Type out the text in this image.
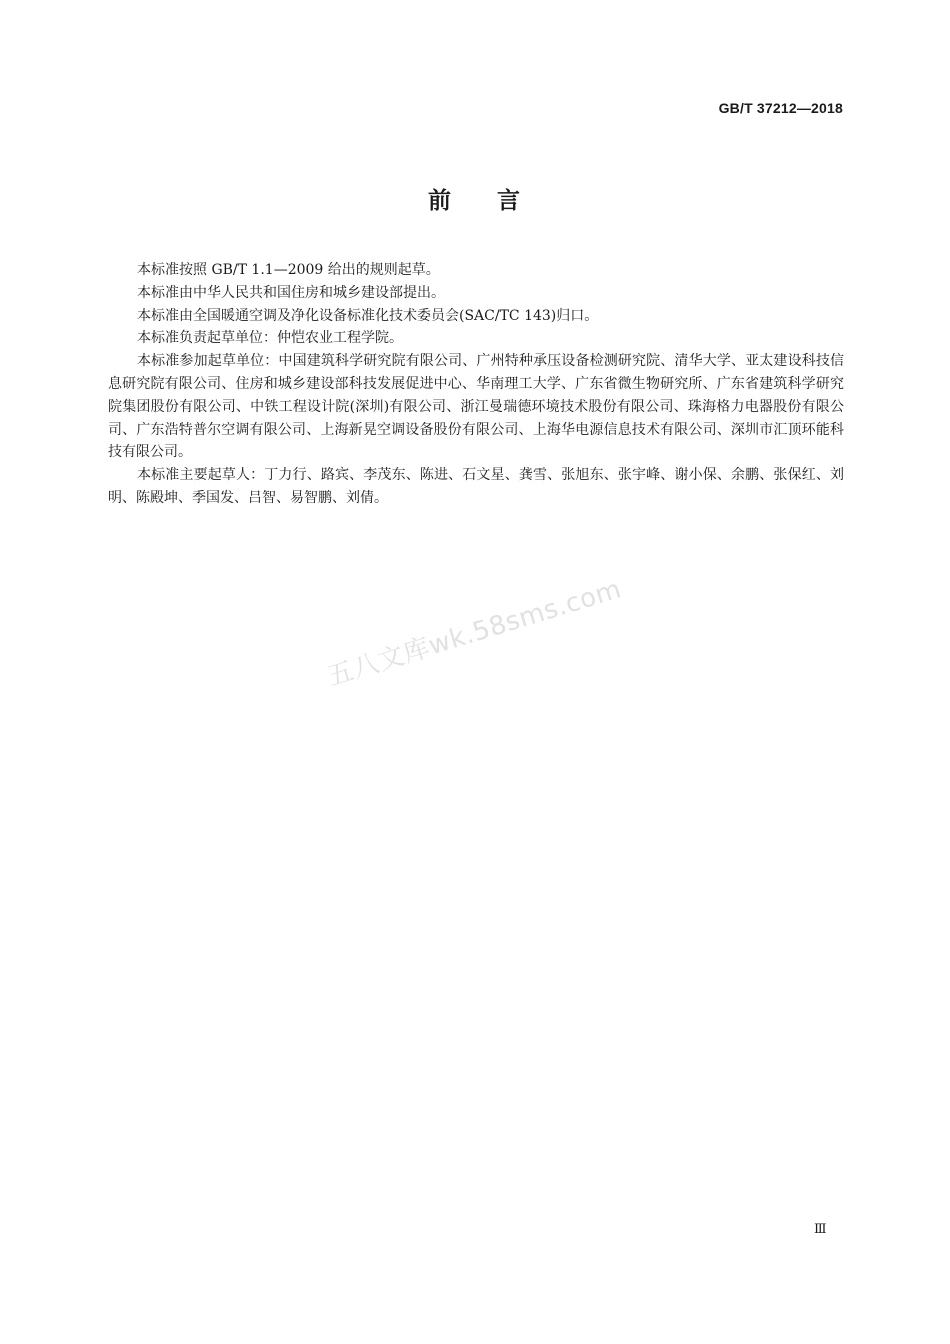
GB/T 37212—2018
前 言

本标准按照 GB/T 1.1—2009 给出的规则起草。

本标准由中华人民共和国住房和城乡建设部提出。

本标准由全国暖通空调及净化设备标准化技术委员会(SAC/TC 143)归口。

本标准负责起草单位：仲恺农业工程学院。

本标准参加起草单位：中国建筑科学研究院有限公司、广州特种承压设备检测研究院、清华大学、亚太建设科技信息研究院有限公司、住房和城乡建设部科技发展促进中心、华南理工大学、广东省微生物研究所、广东省建筑科学研究院集团股份有限公司、中铁工程设计院(深圳)有限公司、浙江曼瑞德环境技术股份有限公司、珠海格力电器股份有限公司、广东浩特普尔空调有限公司、上海新晃空调设备股份有限公司、上海华电源信息技术有限公司、深圳市汇顶环能科技有限公司。

本标准主要起草人：丁力行、路宾、李茂东、陈进、石文星、龚雪、张旭东、张宇峰、谢小保、余鹏、张保红、刘明、陈殿坤、季国发、吕智、易智鹏、刘倩。

五八文库wk.58sms.com
Ⅲ
